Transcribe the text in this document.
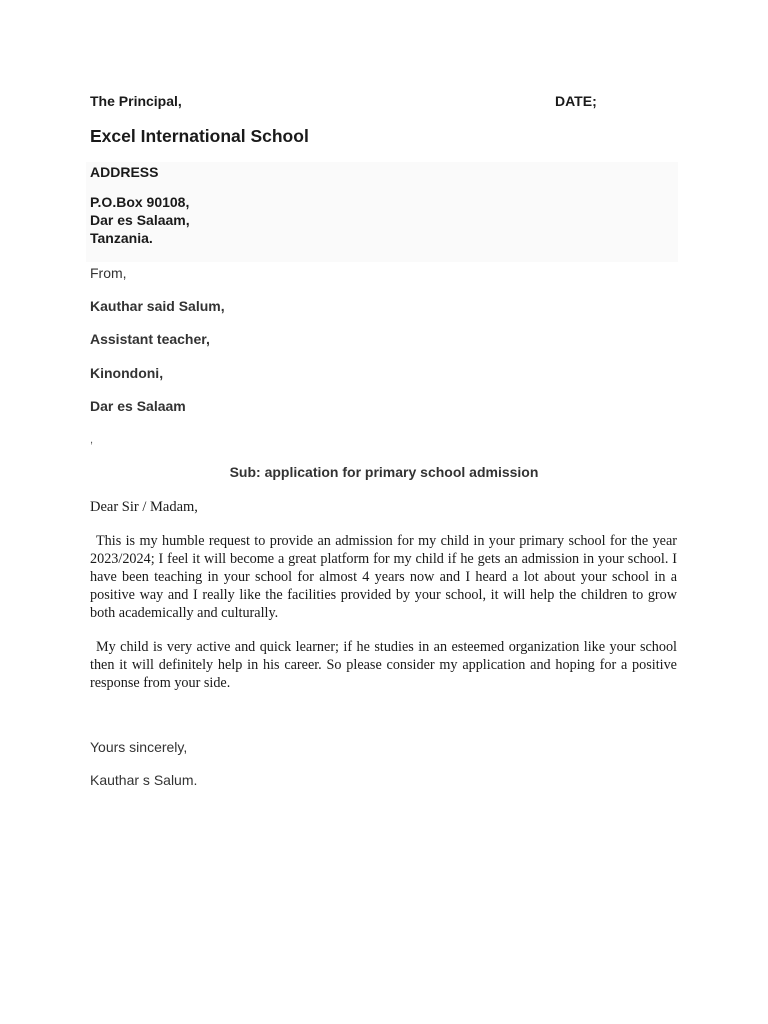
The Principal,	DATE;
Excel International School
ADDRESS
P.O.Box 90108,
Dar es Salaam,
Tanzania.
From,
Kauthar said Salum,
Assistant teacher,
Kinondoni,
Dar es Salaam
,
Sub: application for primary school admission
Dear Sir / Madam,
This is my humble request to provide an admission for my child in your primary school for the year 2023/2024; I feel it will become a great platform for my child if he gets an admission in your school. I have been teaching in your school for almost 4 years now and I heard a lot about your school in a positive way and I really like the facilities provided by your school, it will help the children to grow both academically and culturally.
My child is very active and quick learner; if he studies in an esteemed organization like your school then it will definitely help in his career. So please consider my application and hoping for a positive response from your side.
Yours sincerely,
Kauthar s Salum.
